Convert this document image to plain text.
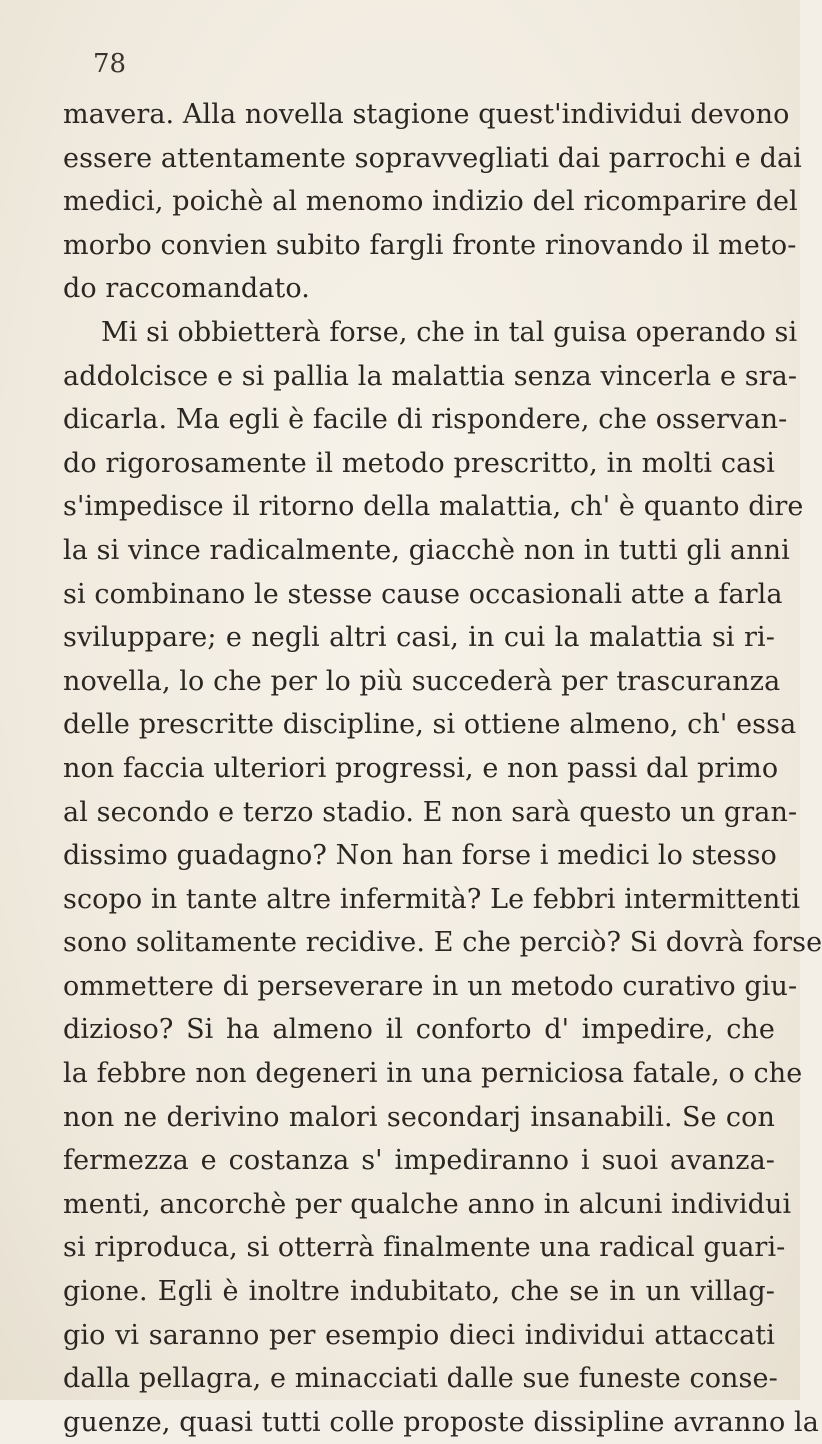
78
mavera. Alla novella stagione quest'individui devono
essere attentamente sopravvegliati dai parrochi e dai
medici, poichè al menomo indizio del ricomparire del
morbo convien subito fargli fronte rinovando il meto-
do raccomandato.
Mi si obbietterà forse, che in tal guisa operando si
addolcisce e si pallia la malattia senza vincerla e sra-
dicarla. Ma egli è facile di rispondere, che osservan-
do rigorosamente il metodo prescritto, in molti casi
s'impedisce il ritorno della malattia, ch' è quanto dire
la si vince radicalmente, giacchè non in tutti gli anni
si combinano le stesse cause occasionali atte a farla
sviluppare; e negli altri casi, in cui la malattia si ri-
novella, lo che per lo più succederà per trascuranza
delle prescritte discipline, si ottiene almeno, ch' essa
non faccia ulteriori progressi, e non passi dal primo
al secondo e terzo stadio. E non sarà questo un gran-
dissimo guadagno? Non han forse i medici lo stesso
scopo in tante altre infermità? Le febbri intermittenti
sono solitamente recidive. E che perciò? Si dovrà forse
ommettere di perseverare in un metodo curativo giu-
dizioso? Si ha almeno il conforto d' impedire, che
la febbre non degeneri in una perniciosa fatale, o che
non ne derivino malori secondarj insanabili. Se con
fermezza e costanza s' impediranno i suoi avanza-
menti, ancorchè per qualche anno in alcuni individui
si riproduca, si otterrà finalmente una radical guari-
gione. Egli è inoltre indubitato, che se in un villag-
gio vi saranno per esempio dieci individui attaccati
dalla pellagra, e minacciati dalle sue funeste conse-
guenze, quasi tutti colle proposte dissipline avranno la
